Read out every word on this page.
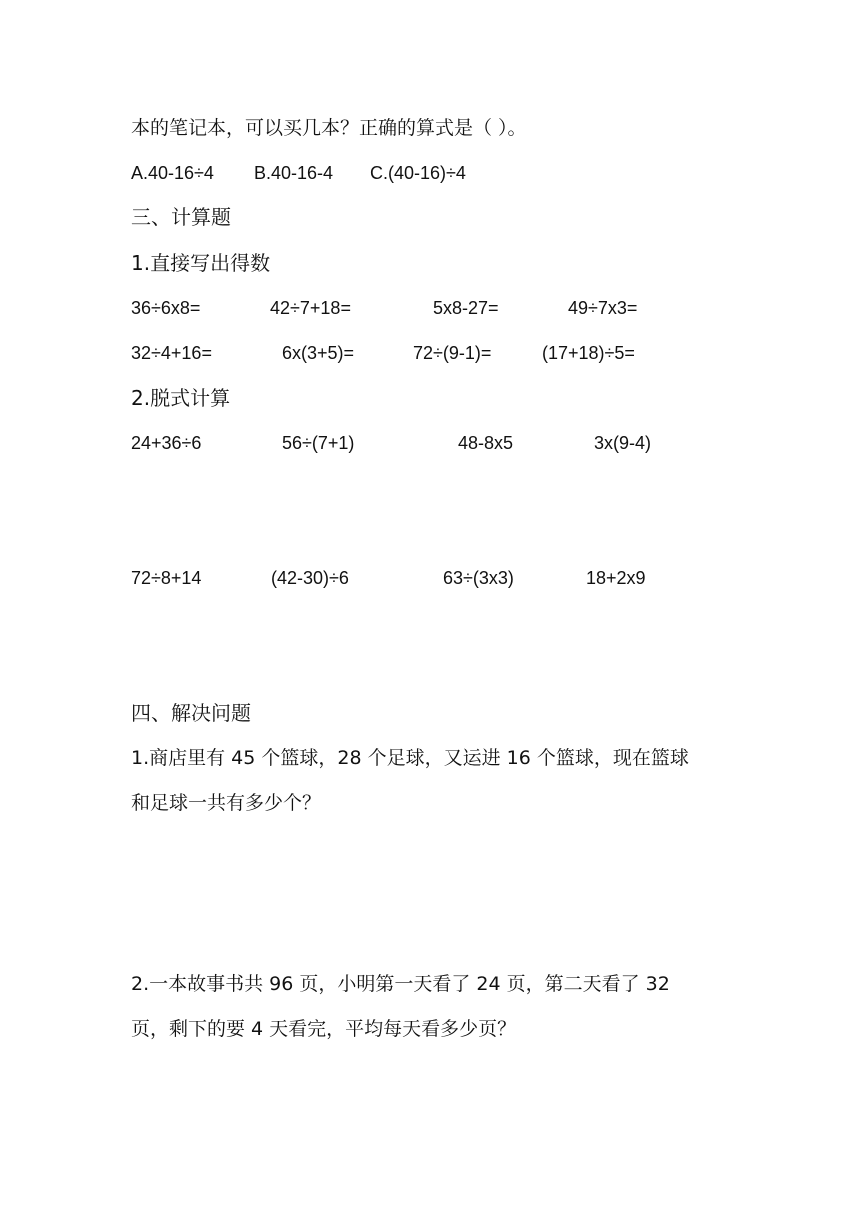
本的笔记本，可以买几本？正确的算式是（ ）。
A.40-16÷4 B.40-16-4 C.(40-16)÷4
三、计算题
1.直接写出得数
36÷6x8=	42÷7+18=	5x8-27=	49÷7x3=
32÷4+16=	6x(3+5)=	72÷(9-1)=	(17+18)÷5=
2.脱式计算
24+36÷6	56÷(7+1)	48-8x5	3x(9-4)
72÷8+14	(42-30)÷6	63÷(3x3)	18+2x9
四、解决问题
1.商店里有 45 个篮球，28 个足球，又运进 16 个篮球，现在篮球
和足球一共有多少个？
2.一本故事书共 96 页，小明第一天看了 24 页，第二天看了 32
页，剩下的要 4 天看完，平均每天看多少页？
